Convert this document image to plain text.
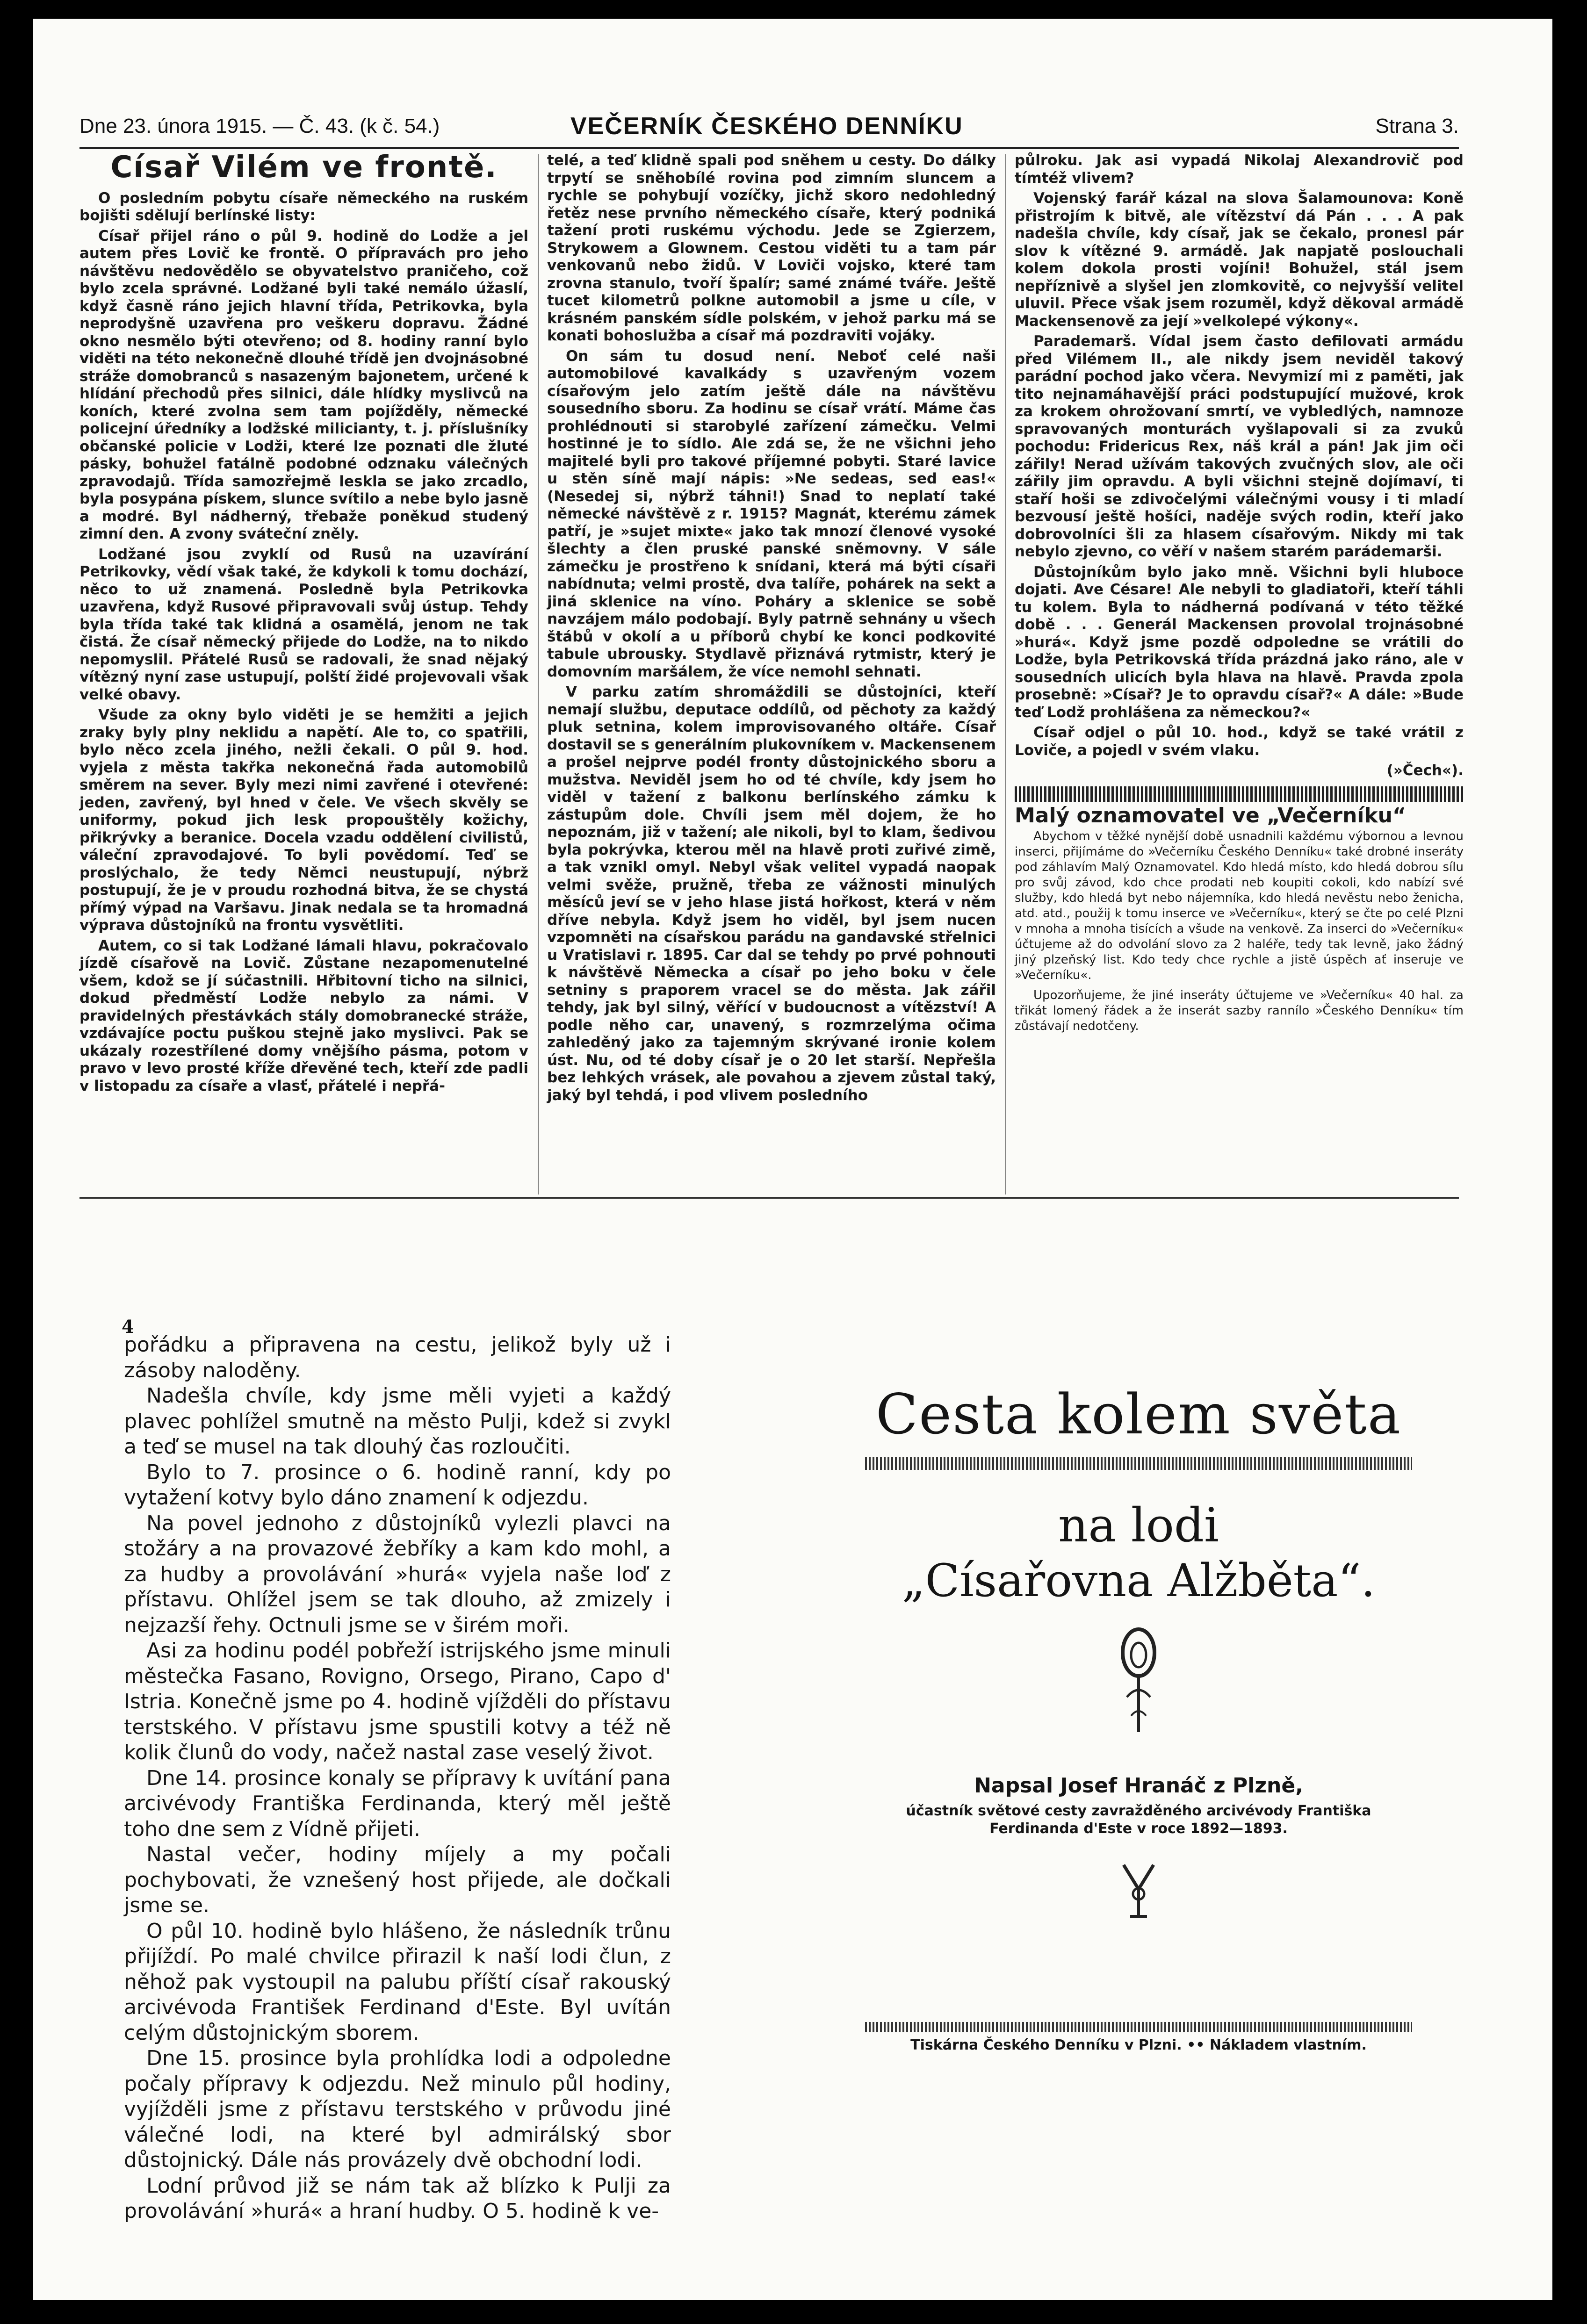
Dne 23. února 1915. — Č. 43. (k č. 54.)	VEČERNÍK ČESKÉHO DENNÍKU	Strana 3.
Císař Vilém ve frontě.

O posledním pobytu císaře německého na ruském bojišti sdělují berlínské listy:

Císař přijel ráno o půl 9. hodině do Lodže a jel autem přes Lovič ke frontě. O přípravách pro jeho návštěvu nedovědělo se obyvatelstvo praničeho, což bylo zcela správné. Lodžané byli také nemálo úžaslí, když časně ráno jejich hlavní třída, Petrikovka, byla neprodyšně uzavřena pro veškeru dopravu. Žádné okno nesmělo býti otevřeno; od 8. hodiny ranní bylo viděti na této nekonečně dlouhé třídě jen dvojnásobné stráže domobranců s nasazeným bajonetem, určené k hlídání přechodů přes silnici, dále hlídky myslivců na koních, které zvolna sem tam pojížděly, německé policejní úředníky a lodžské milicianty, t. j. příslušníky občanské policie v Lodži, které lze poznati dle žluté pásky, bohužel fatálně podobné odznaku válečných zpravodajů. Třída samozřejmě leskla se jako zrcadlo, byla posypána pískem, slunce svítilo a nebe bylo jasně a modré. Byl nádherný, třebaže poněkud studený zimní den. A zvony sváteční zněly.

Lodžané jsou zvyklí od Rusů na uzavírání Petrikovky, vědí však také, že kdykoli k tomu dochází, něco to už znamená. Posledně byla Petrikovka uzavřena, když Rusové připravovali svůj ústup. Tehdy byla třída také tak klidná a osamělá, jenom ne tak čistá. Že císař německý přijede do Lodže, na to nikdo nepomyslil. Přátelé Rusů se radovali, že snad nějaký vítězný nyní zase ustupují, polští židé projevovali však velké obavy.

Všude za okny bylo viděti je se hemžiti a jejich zraky byly plny neklidu a napětí. Ale to, co spatřili, bylo něco zcela jiného, nežli čekali. O půl 9. hod. vyjela z města takřka nekonečná řada automobilů směrem na sever. Byly mezi nimi zavřené i otevřené: jeden, zavřený, byl hned v čele. Ve všech skvěly se uniformy, pokud jich lesk propouštěly kožichy, přikrývky a beranice. Docela vzadu oddělení civilistů, váleční zpravodajové. To byli povědomí. Teď se proslýchalo, že tedy Němci neustupují, nýbrž postupují, že je v proudu rozhodná bitva, že se chystá přímý výpad na Varšavu. Jinak nedala se ta hromadná výprava důstojníků na frontu vysvětliti.

Autem, co si tak Lodžané lámali hlavu, pokračovalo jízdě císařově na Lovič. Zůstane nezapomenutelné všem, kdož se jí súčastnili. Hřbitovní ticho na silnici, dokud předměstí Lodže nebylo za námi. V pravidelných přestávkách stály domobranecké stráže, vzdávajíce poctu puškou stejně jako myslivci. Pak se ukázaly rozestřílené domy vnějšího pásma, potom v pravo v levo prosté kříže dřevěné tech, kteří zde padli v listopadu za císaře a vlasť, přátelé i nepřá-

telé, a teď klidně spali pod sněhem u cesty. Do dálky trpytí se sněhobílé rovina pod zimním sluncem a rychle se pohybují vozíčky, jichž skoro nedohledný řetěz nese prvního německého císaře, který podniká tažení proti ruskému východu. Jede se Zgierzem, Strykowem a Glownem. Cestou viděti tu a tam pár venkovanů nebo židů. V Loviči vojsko, které tam zrovna stanulo, tvoří špalír; samé známé tváře. Ještě tucet kilometrů polkne automobil a jsme u cíle, v krásném panském sídle polském, v jehož parku má se konati bohoslužba a císař má pozdraviti vojáky.

On sám tu dosud není. Neboť celé naši automobilové kavalkády s uzavřeným vozem císařovým jelo zatím ještě dále na návštěvu sousedního sboru. Za hodinu se císař vrátí. Máme čas prohlédnouti si starobylé zařízení zámečku. Velmi hostinné je to sídlo. Ale zdá se, že ne všichni jeho majitelé byli pro takové příjemné pobyti. Staré lavice u stěn síně mají nápis: »Ne sedeas, sed eas!« (Nesedej si, nýbrž táhni!) Snad to neplatí také německé návštěvě z r. 1915? Magnát, kterému zámek patří, je »sujet mixte« jako tak mnozí členové vysoké šlechty a člen pruské panské sněmovny. V sále zámečku je prostřeno k snídani, která má býti císaři nabídnuta; velmi prostě, dva talíře, pohárek na sekt a jiná sklenice na víno. Poháry a sklenice se sobě navzájem málo podobají. Byly patrně sehnány u všech štábů v okolí a u příborů chybí ke konci podkovité tabule ubrousky. Stydlavě přiznává rytmistr, který je domovním maršálem, že více nemohl sehnati.

V parku zatím shromáždili se důstojníci, kteří nemají službu, deputace oddílů, od pěchoty za každý pluk setnina, kolem improvisovaného oltáře. Císař dostavil se s generálním plukovníkem v. Mackensenem a prošel nejprve podél fronty důstojnického sboru a mužstva. Neviděl jsem ho od té chvíle, kdy jsem ho viděl v tažení z balkonu berlínského zámku k zástupům dole. Chvíli jsem měl dojem, že ho nepoznám, již v tažení; ale nikoli, byl to klam, šedivou byla pokrývka, kterou měl na hlavě proti zuřivé zimě, a tak vznikl omyl. Nebyl však velitel vypadá naopak velmi svěže, pružně, třeba ze vážnosti minulých měsíců jeví se v jeho hlase jistá hořkost, která v něm dříve nebyla. Když jsem ho viděl, byl jsem nucen vzpomněti na císařskou parádu na gandavské střelnici u Vratislavi r. 1895. Car dal se tehdy po prvé pohnouti k návštěvě Německa a císař po jeho boku v čele setniny s praporem vracel se do města. Jak zářil tehdy, jak byl silný, věřící v budoucnost a vítězství! A podle něho car, unavený, s rozmrzelýma očima zahleděný jako za tajemným skrývané ironie kolem úst. Nu, od té doby císař je o 20 let starší. Nepřešla bez lehkých vrásek, ale povahou a zjevem zůstal taký, jaký byl tehdá, i pod vlivem posledního

půlroku. Jak asi vypadá Nikolaj Alexandrovič pod tímtéž vlivem?

Vojenský farář kázal na slova Šalamounova: Koně přistrojím k bitvě, ale vítězství dá Pán . . . A pak nadešla chvíle, kdy císař, jak se čekalo, pronesl pár slov k vítězné 9. armádě. Jak napjatě poslouchali kolem dokola prosti vojíni! Bohužel, stál jsem nepříznivě a slyšel jen zlomkovitě, co nejvyšší velitel uluvil. Přece však jsem rozuměl, když děkoval armádě Mackensenově za její »velkolepé výkony«.

Parademarš. Vídal jsem často defilovati armádu před Vilémem II., ale nikdy jsem neviděl takový parádní pochod jako včera. Nevymizí mi z paměti, jak tito nejnamáhavější práci podstupující mužové, krok za krokem ohrožovaní smrtí, ve vybledlých, namnoze spravovaných monturách vyšlapovali si za zvuků pochodu: Fridericus Rex, náš král a pán! Jak jim oči zářily! Nerad užívám takových zvučných slov, ale oči zářily jim opravdu. A byli všichni stejně dojímaví, ti staří hoši se zdivočelými válečnými vousy i ti mladí bezvousí ještě hošíci, naděje svých rodin, kteří jako dobrovolníci šli za hlasem císařovým. Nikdy mi tak nebylo zjevno, co věří v našem starém parádemarši.

Důstojníkům bylo jako mně. Všichni byli hluboce dojati. Ave Césare! Ale nebyli to gladiatoři, kteří táhli tu kolem. Byla to nádherná podívaná v této těžké době . . . Generál Mackensen provolal trojnásobné »hurá«. Když jsme pozdě odpoledne se vrátili do Lodže, byla Petrikovská třída prázdná jako ráno, ale v sousedních ulicích byla hlava na hlavě. Pravda zpola prosebně: »Císař? Je to opravdu císař?« A dále: »Bude teď Lodž prohlášena za německou?«

Císař odjel o půl 10. hod., když se také vrátil z Loviče, a pojedl v svém vlaku.

(»Čech«).

Malý oznamovatel ve „Večerníku“

Abychom v těžké nynější době usnadnili každému výbornou a levnou inserci, přijímáme do »Večerníku Českého Denníku« také drobné inseráty pod záhlavím Malý Oznamovatel. Kdo hledá místo, kdo hledá dobrou sílu pro svůj závod, kdo chce prodati neb koupiti cokoli, kdo nabízí své služby, kdo hledá byt nebo nájemníka, kdo hledá nevěstu nebo ženicha, atd. atd., použij k tomu inserce ve »Večerníku«, který se čte po celé Plzni v mnoha a mnoha tisících a všude na venkově. Za inserci do »Večerníku« účtujeme až do odvolání slovo za 2 haléře, tedy tak levně, jako žádný jiný plzeňský list. Kdo tedy chce rychle a jistě úspěch ať inseruje ve »Večerníku«.

Upozorňujeme, že jiné inseráty účtujeme ve »Večerníku« 40 hal. za třikát lomený řádek a že inserát sazby rannílo »Českého Denníku« tím zůstávají nedotčeny.

4

pořádku a připravena na cestu, jelikož byly už i zásoby naloděny.

Nadešla chvíle, kdy jsme měli vyjeti a každý plavec pohlížel smutně na město Pulji, kdež si zvykl a teď se musel na tak dlouhý čas rozloučiti.

Bylo to 7. prosince o 6. hodině ranní, kdy po vytažení kotvy bylo dáno znamení k odjezdu.

Na povel jednoho z důstojníků vylezli plavci na stožáry a na provazové žebříky a kam kdo mohl, a za hudby a provolávání »hurá« vyjela naše loď z přístavu. Ohlížel jsem se tak dlouho, až zmizely i nejzazší řehy. Octnuli jsme se v širém moři.

Asi za hodinu podél pobřeží istrijského jsme minuli městečka Fasano, Rovigno, Orsego, Pirano, Capo d' Istria. Konečně jsme po 4. hodině vjížděli do přístavu terstského. V přístavu jsme spustili kotvy a též ně kolik člunů do vody, načež nastal zase veselý život.

Dne 14. prosince konaly se přípravy k uvítání pana arcivévody Františka Ferdinanda, který měl ještě toho dne sem z Vídně přijeti.

Nastal večer, hodiny míjely a my počali pochybovati, že vznešený host přijede, ale dočkali jsme se.

O půl 10. hodině bylo hlášeno, že následník trůnu přijíždí. Po malé chvilce přirazil k naší lodi člun, z něhož pak vystoupil na palubu příští císař rakouský arcivévoda František Ferdinand d'Este. Byl uvítán celým důstojnickým sborem.

Dne 15. prosince byla prohlídka lodi a odpoledne počaly přípravy k odjezdu. Než minulo půl hodiny, vyjížděli jsme z přístavu terstského v průvodu jiné válečné lodi, na které byl admirálský sbor důstojnický. Dále nás provázely dvě obchodní lodi.

Lodní průvod již se nám tak až blízko k Pulji za provolávání »hurá« a hraní hudby. O 5. hodině k ve-

Cesta kolem světa
na lodi
„Císařovna Alžběta“.
Napsal Josef Hranáč z Plzně,
účastník světové cesty zavražděného arcivévody Františka Ferdinanda d'Este v roce 1892—1893.
Tiskárna Českého Denníku v Plzni. •• Nákladem vlastním.
